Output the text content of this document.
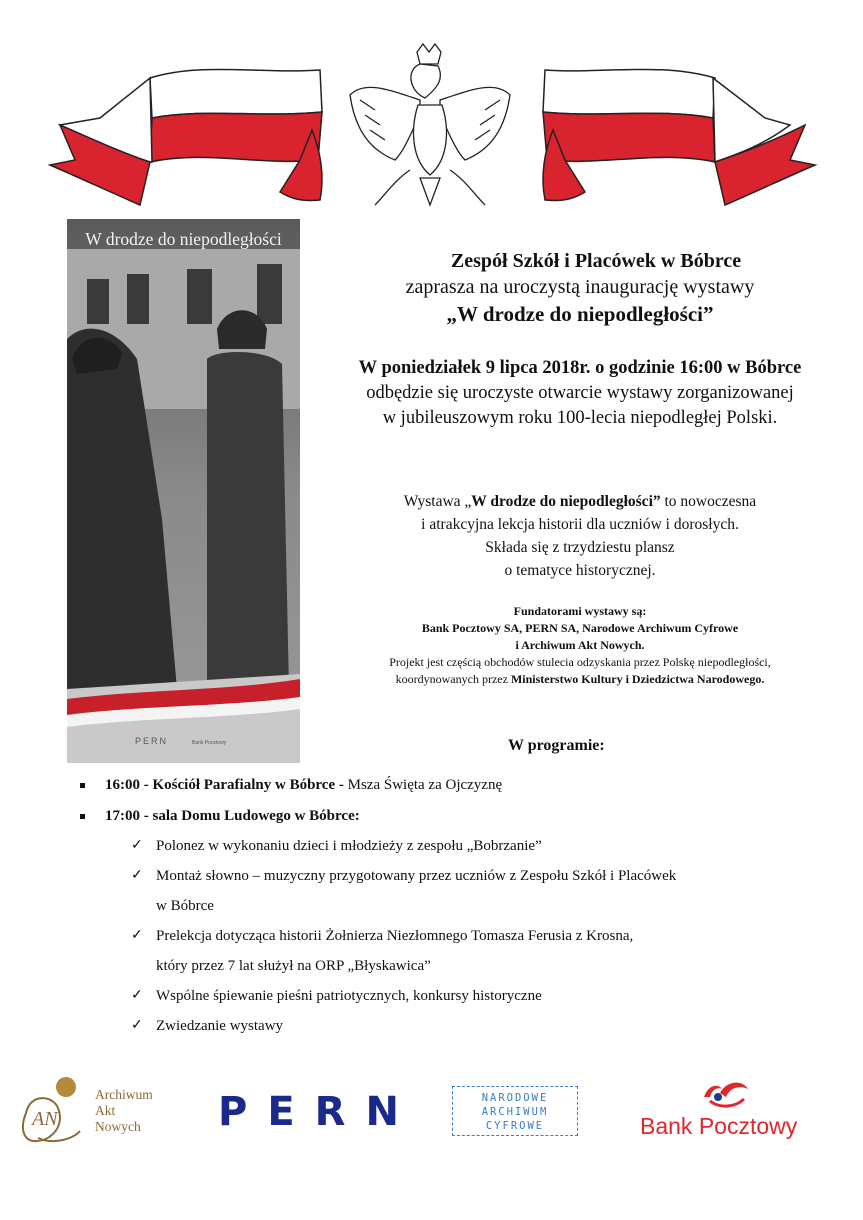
W drodze do niepodległości
PERN	Bank Pocztowy
Zespół Szkół i Placówek w Bóbrce
zaprasza na uroczystą inaugurację wystawy
„W drodze do niepodległości”
W poniedziałek 9 lipca 2018r. o godzinie 16:00 w Bóbrce
odbędzie się uroczyste otwarcie wystawy zorganizowanej
w jubileuszowym roku 100-lecia niepodległej Polski.
Wystawa „W drodze do niepodległości” to nowoczesna
i atrakcyjna lekcja historii dla uczniów i dorosłych.
Składa się z trzydziestu plansz
o tematyce historycznej.
Fundatorami wystawy są:
Bank Pocztowy SA, PERN SA, Narodowe Archiwum Cyfrowe
i Archiwum Akt Nowych.
Projekt jest częścią obchodów stulecia odzyskania przez Polskę niepodległości,
koordynowanych przez Ministerstwo Kultury i Dziedzictwa Narodowego.
W programie:
16:00 - Kościół Parafialny w Bóbrce - Msza Święta za Ojczyznę
17:00 - sala Domu Ludowego w Bóbrce:
✓ Polonez w wykonaniu dzieci i młodzieży z zespołu „Bobrzanie”
✓ Montaż słowno – muzyczny przygotowany przez uczniów z Zespołu Szkół i Placówek
w Bóbrce
✓ Prelekcja dotycząca historii Żołnierza Niezłomnego Tomasza Ferusia z Krosna,
który przez 7 lat służył na ORP „Błyskawica”
✓ Wspólne śpiewanie pieśni patriotycznych, konkursy historyczne
✓ Zwiedzanie wystawy
AN
Archiwum
Akt
Nowych	PERN	NARODOWE
ARCHIWUM
CYFROWE	Bank Pocztowy
